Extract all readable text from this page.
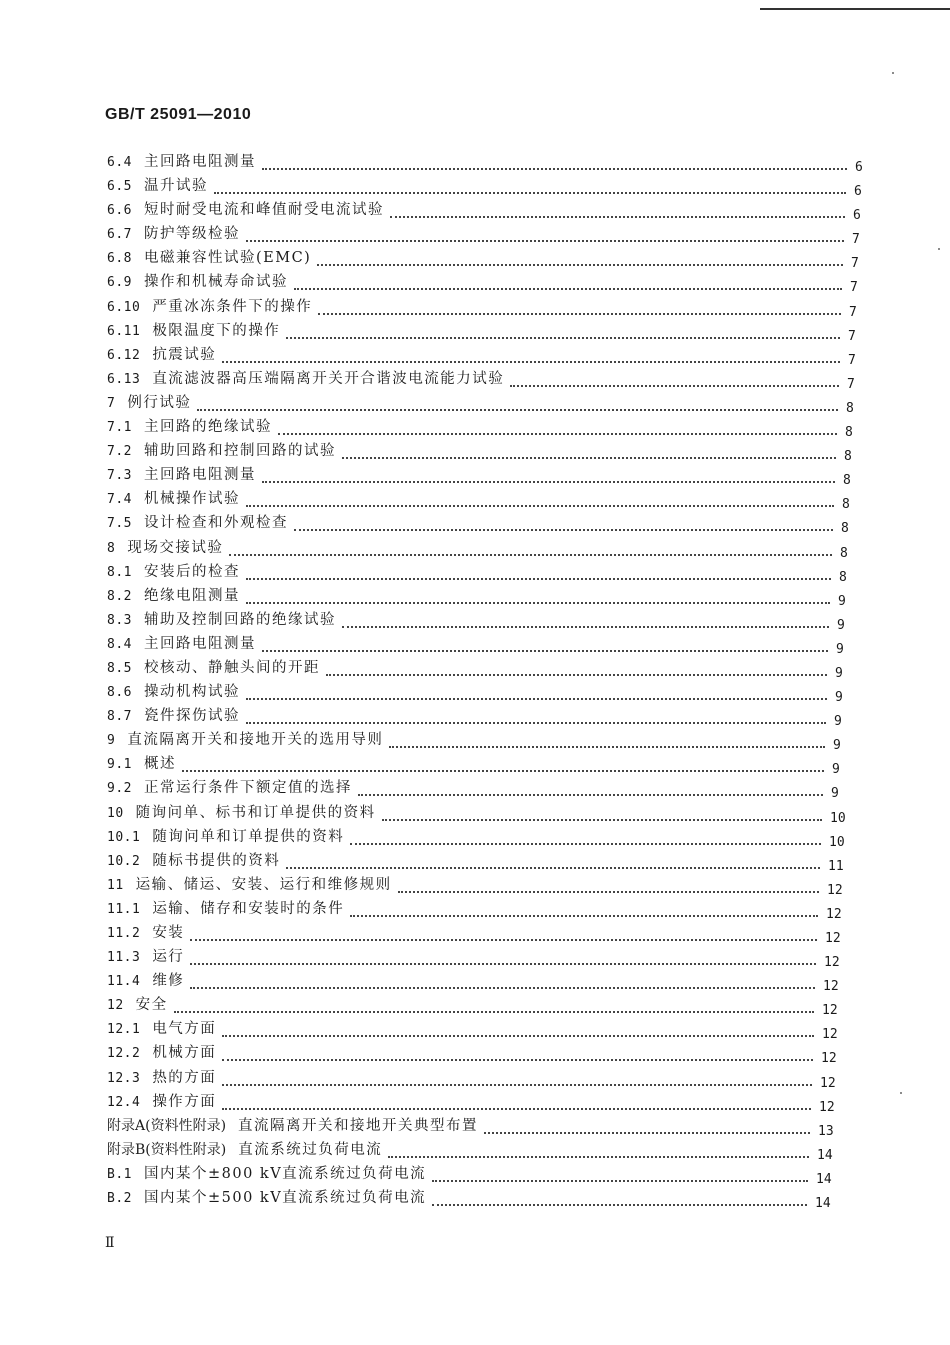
GB/T 25091—2010
6.4 主回路电阻测量	6
6.5 温升试验	6
6.6 短时耐受电流和峰值耐受电流试验	6
6.7 防护等级检验	7
6.8 电磁兼容性试验(EMC)	7
6.9 操作和机械寿命试验	7
6.10 严重冰冻条件下的操作	7
6.11 极限温度下的操作	7
6.12 抗震试验	7
6.13 直流滤波器高压端隔离开关开合谐波电流能力试验	7
7 例行试验	8
7.1 主回路的绝缘试验	8
7.2 辅助回路和控制回路的试验	8
7.3 主回路电阻测量	8
7.4 机械操作试验	8
7.5 设计检查和外观检查	8
8 现场交接试验	8
8.1 安装后的检查	8
8.2 绝缘电阻测量	9
8.3 辅助及控制回路的绝缘试验	9
8.4 主回路电阻测量	9
8.5 校核动、静触头间的开距	9
8.6 操动机构试验	9
8.7 瓷件探伤试验	9
9 直流隔离开关和接地开关的选用导则	9
9.1 概述	9
9.2 正常运行条件下额定值的选择	9
10 随询问单、标书和订单提供的资料	10
10.1 随询问单和订单提供的资料	10
10.2 随标书提供的资料	11
11 运输、储运、安装、运行和维修规则	12
11.1 运输、储存和安装时的条件	12
11.2 安装	12
11.3 运行	12
11.4 维修	12
12 安全	12
12.1 电气方面	12
12.2 机械方面	12
12.3 热的方面	12
12.4 操作方面	12
附录A(资料性附录) 直流隔离开关和接地开关典型布置	13
附录B(资料性附录) 直流系统过负荷电流	14
B.1 国内某个±800 kV直流系统过负荷电流	14
B.2 国内某个±500 kV直流系统过负荷电流	14
Ⅱ
